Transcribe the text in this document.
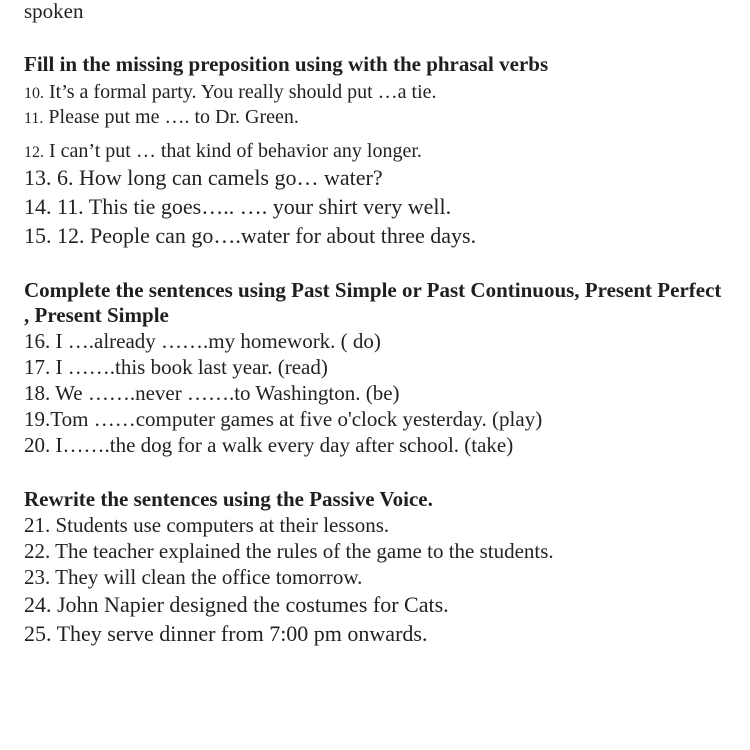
spoken
Fill in the missing preposition using with the phrasal verbs
10. It’s a formal party. You really should put …a tie.
11. Please put me …. to Dr. Green.
12. I can’t put … that kind of behavior any longer.
13. 6. How long can camels go… water?
14. 11. This tie goes….. …. your shirt very well.
15. 12. People can go….water for about three days.
Complete the sentences using Past Simple or Past Continuous, Present Perfect , Present Simple
16. I ….already …….my homework. ( do)
17. I …….this book last year. (read)
18. We …….never …….to Washington. (be)
19.Tom ……computer games at five o'clock yesterday. (play)
20. I…….the dog for a walk every day after school. (take)
Rewrite the sentences using the Passive Voice.
21. Students use computers at their lessons.
22. The teacher explained the rules of the game to the students.
23. They will clean the office tomorrow.
24. John Napier designed the costumes for Cats.
25. They serve dinner from 7:00 pm onwards.
